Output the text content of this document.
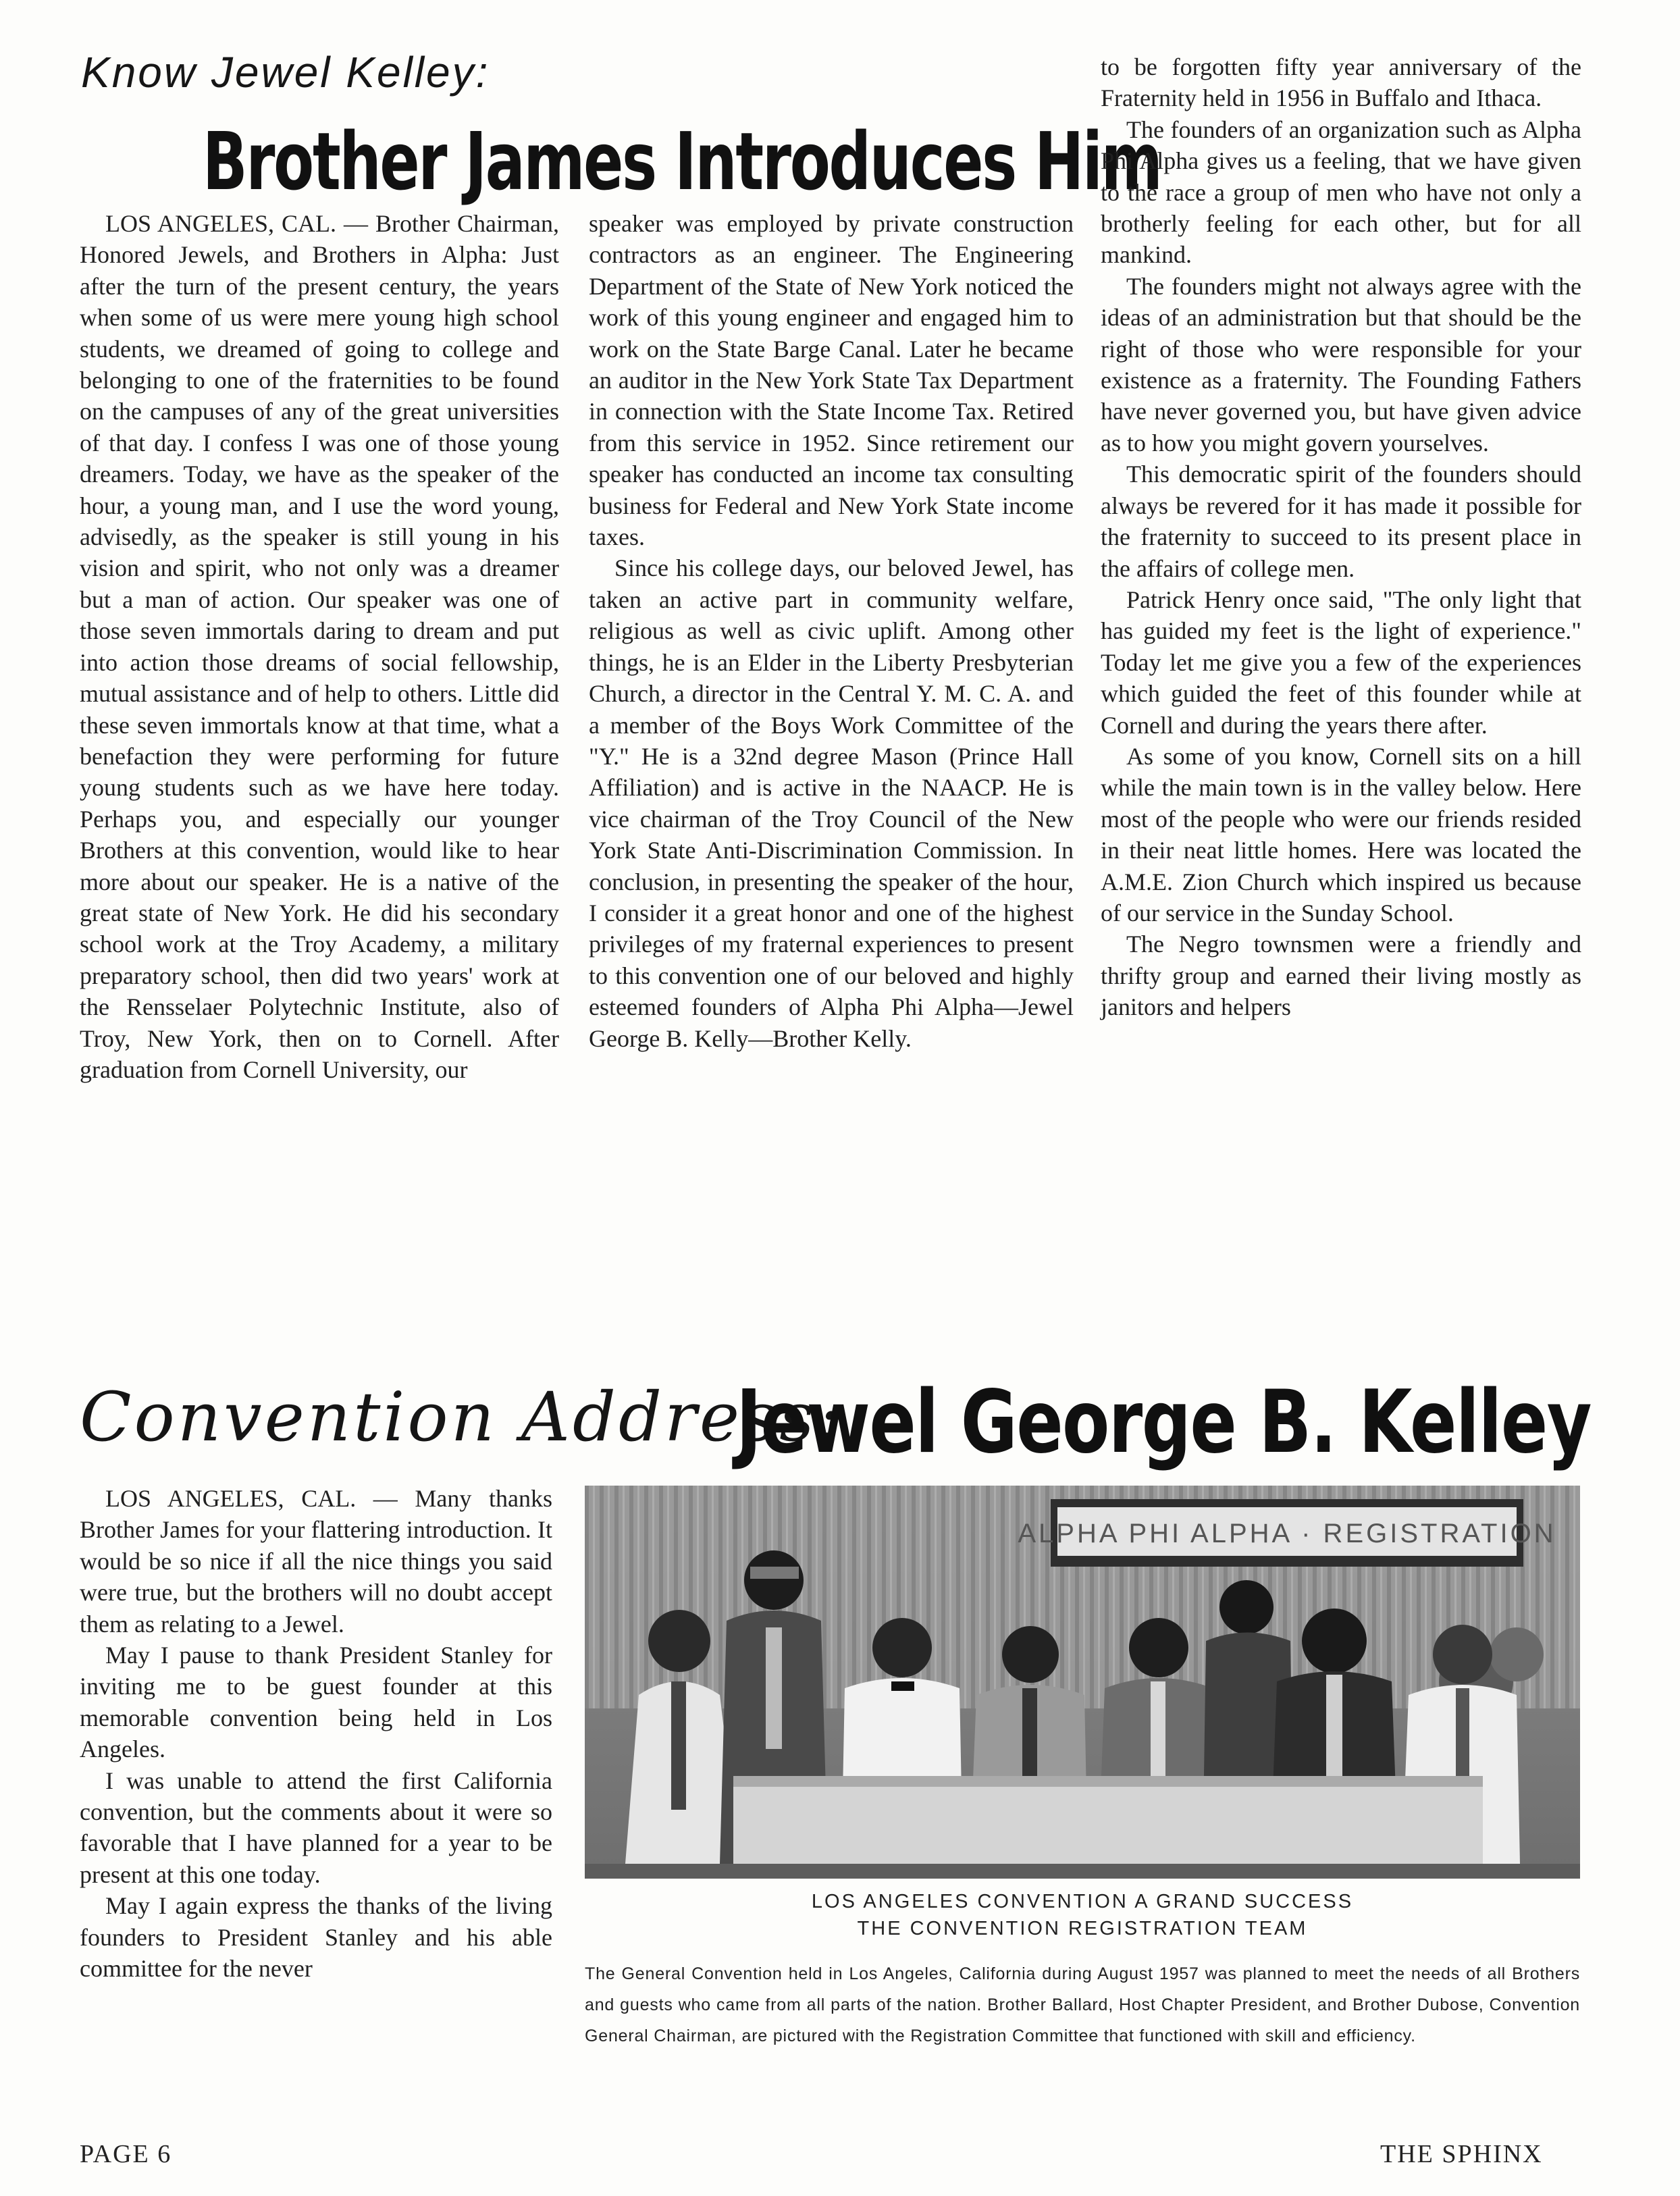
Know Jewel Kelley:
Brother James Introduces Him

LOS ANGELES, CAL. — Brother Chairman, Honored Jewels, and Brothers in Alpha: Just after the turn of the present century, the years when some of us were mere young high school students, we dreamed of going to college and belonging to one of the fraternities to be found on the campuses of any of the great universities of that day. I confess I was one of those young dreamers. Today, we have as the speaker of the hour, a young man, and I use the word young, advisedly, as the speaker is still young in his vision and spirit, who not only was a dreamer but a man of action. Our speaker was one of those seven immortals daring to dream and put into action those dreams of social fellowship, mutual assistance and of help to others. Little did these seven immortals know at that time, what a benefaction they were performing for future young students such as we have here today. Perhaps you, and especially our younger Brothers at this convention, would like to hear more about our speaker. He is a native of the great state of New York. He did his secondary school work at the Troy Academy, a military preparatory school, then did two years' work at the Rensselaer Polytechnic Institute, also of Troy, New York, then on to Cornell. After graduation from Cornell University, our

speaker was employed by private construction contractors as an engineer. The Engineering Department of the State of New York noticed the work of this young engineer and engaged him to work on the State Barge Canal. Later he became an auditor in the New York State Tax Department in connection with the State Income Tax. Retired from this service in 1952. Since retirement our speaker has conducted an income tax consulting business for Federal and New York State income taxes.

Since his college days, our beloved Jewel, has taken an active part in community welfare, religious as well as civic uplift. Among other things, he is an Elder in the Liberty Presbyterian Church, a director in the Central Y. M. C. A. and a member of the Boys Work Committee of the "Y." He is a 32nd degree Mason (Prince Hall Affiliation) and is active in the NAACP. He is vice chairman of the Troy Council of the New York State Anti-Discrimination Commission. In conclusion, in presenting the speaker of the hour, I consider it a great honor and one of the highest privileges of my fraternal experiences to present to this convention one of our beloved and highly esteemed founders of Alpha Phi Alpha—Jewel George B. Kelly—Brother Kelly.

to be forgotten fifty year anniversary of the Fraternity held in 1956 in Buffalo and Ithaca.

The founders of an organization such as Alpha Phi Alpha gives us a feeling, that we have given to the race a group of men who have not only a brotherly feeling for each other, but for all mankind.

The founders might not always agree with the ideas of an administration but that should be the right of those who were responsible for your existence as a fraternity. The Founding Fathers have never governed you, but have given advice as to how you might govern yourselves.

This democratic spirit of the founders should always be revered for it has made it possible for the fraternity to succeed to its present place in the affairs of college men.

Patrick Henry once said, "The only light that has guided my feet is the light of experience." Today let me give you a few of the experiences which guided the feet of this founder while at Cornell and during the years there after.

As some of you know, Cornell sits on a hill while the main town is in the valley below. Here most of the people who were our friends resided in their neat little homes. Here was located the A.M.E. Zion Church which inspired us because of our service in the Sunday School.

The Negro townsmen were a friendly and thrifty group and earned their living mostly as janitors and helpers

Convention Address:
Jewel George B. Kelley

LOS ANGELES, CAL. — Many thanks Brother James for your flattering introduction. It would be so nice if all the nice things you said were true, but the brothers will no doubt accept them as relating to a Jewel.

May I pause to thank President Stanley for inviting me to be guest founder at this memorable convention being held in Los Angeles.

I was unable to attend the first California convention, but the comments about it were so favorable that I have planned for a year to be present at this one today.

May I again express the thanks of the living founders to President Stanley and his able committee for the never

ALPHA PHI ALPHA · REGISTRATION
LOS ANGELES CONVENTION A GRAND SUCCESS
THE CONVENTION REGISTRATION TEAM
The General Convention held in Los Angeles, California during August 1957 was planned to meet the needs of all Brothers and guests who came from all parts of the nation. Brother Ballard, Host Chapter President, and Brother Dubose, Convention General Chairman, are pictured with the Registration Committee that functioned with skill and efficiency.
PAGE 6	THE SPHINX
